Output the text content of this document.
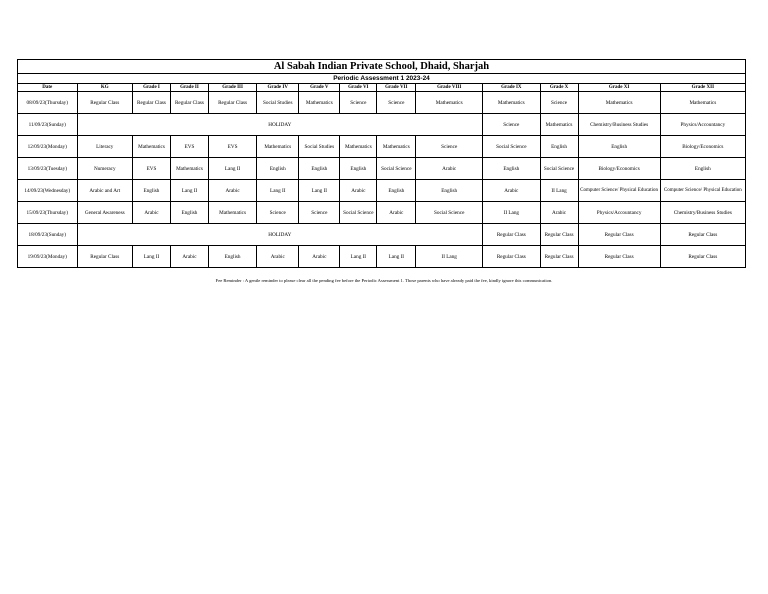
Al Sabah Indian Private School, Dhaid, Sharjah
Periodic Assessment 1 2023-24
Date	KG	Grade I	Grade II	Grade III	Grade IV	Grade V	Grade VI	Grade VII	Grade VIII	Grade IX	Grade X	Grade XI	Grade XII
08/09/23(Thursday)	Regular Class	Regular Class	Regular Class	Regular Class	Social Studies	Mathematics	Science	Science	Mathematics	Mathematics	Science	Mathematics	Mathematics
11/09/23(Sunday)	HOLIDAY									Science	Mathematics	Chemistry/Business Studies	Physics/Accountancy
12/09/23(Monday)	Literacy	Mathematics	EVS	EVS	Mathematics	Social Studies	Mathematics	Mathematics	Science	Social Science	English	English	Biology/Economics
13/09/23(Tuesday)	Numeracy	EVS	Mathematics	Lang II	English	English	English	Social Science	Arabic	English	Social Science	Biology/Economics	English
14/09/23(Wednesday)	Arabic and Art	English	Lang II	Arabic	Lang II	Lang II	Arabic	English	English	Arabic	II Lang	Computer Science/ Physical Education	Computer Science/ Physical Education
15/09/23(Thursday)	General Awareness	Arabic	English	Mathematics	Science	Science	Social Science	Arabic	Social Science	II Lang	Arabic	Physics/Accountancy	Chemistry/Business Studies
18/09/23(Sunday)	HOLIDAY									Regular Class	Regular Class	Regular Class	Regular Class
19/09/23(Monday)	Regular Class	Lang II	Arabic	English	Arabic	Arabic	Lang II	Lang II	II Lang	Regular Class	Regular Class	Regular Class	Regular Class
Fee Reminder : A gentle reminder to please clear all the pending fee before the Periodic Assessment 1. Those parents who have already paid the fee, kindly ignore this communication.
